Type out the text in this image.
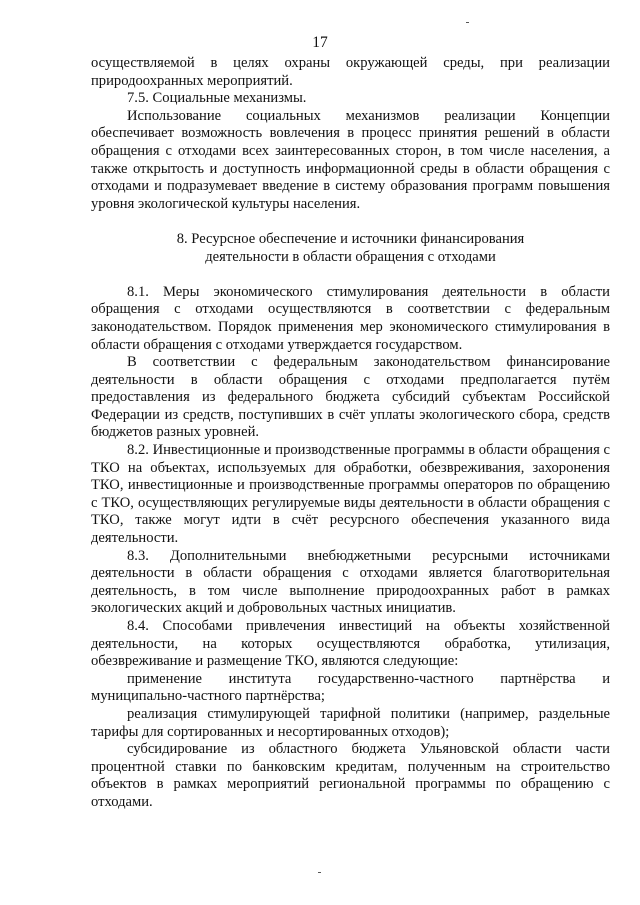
17

осуществляемой в целях охраны окружающей среды, при реализации природоохранных мероприятий.

7.5. Социальные механизмы.

Использование социальных механизмов реализации Концепции обеспечивает возможность вовлечения в процесс принятия решений в области обращения с отходами всех заинтересованных сторон, в том числе населения, а также открытость и доступность информационной среды в области обращения с отходами и подразумевает введение в систему образования программ повышения уровня экологической культуры населения.

8. Ресурсное обеспечение и источники финансирования

деятельности в области обращения с отходами

8.1. Меры экономического стимулирования деятельности в области обращения с отходами осуществляются в соответствии с федеральным законодательством. Порядок применения мер экономического стимулирования в области обращения с отходами утверждается государством.

В соответствии с федеральным законодательством финансирование деятельности в области обращения с отходами предполагается путём предоставления из федерального бюджета субсидий субъектам Российской Федерации из средств, поступивших в счёт уплаты экологического сбора, средств бюджетов разных уровней.

8.2. Инвестиционные и производственные программы в области обращения с ТКО на объектах, используемых для обработки, обезвреживания, захоронения ТКО, инвестиционные и производственные программы операторов по обращению с ТКО, осуществляющих регулируемые виды деятельности в области обращения с ТКО, также могут идти в счёт ресурсного обеспечения указанного вида деятельности.

8.3. Дополнительными внебюджетными ресурсными источниками деятельности в области обращения с отходами является благотворительная деятельность, в том числе выполнение природоохранных работ в рамках экологических акций и добровольных частных инициатив.

8.4. Способами привлечения инвестиций на объекты хозяйственной деятельности, на которых осуществляются обработка, утилизация, обезвреживание и размещение ТКО, являются следующие:

применение института государственно-частного партнёрства и муниципально-частного партнёрства;

реализация стимулирующей тарифной политики (например, раздельные тарифы для сортированных и несортированных отходов);

субсидирование из областного бюджета Ульяновской области части процентной ставки по банковским кредитам, полученным на строительство объектов в рамках мероприятий региональной программы по обращению с отходами.
